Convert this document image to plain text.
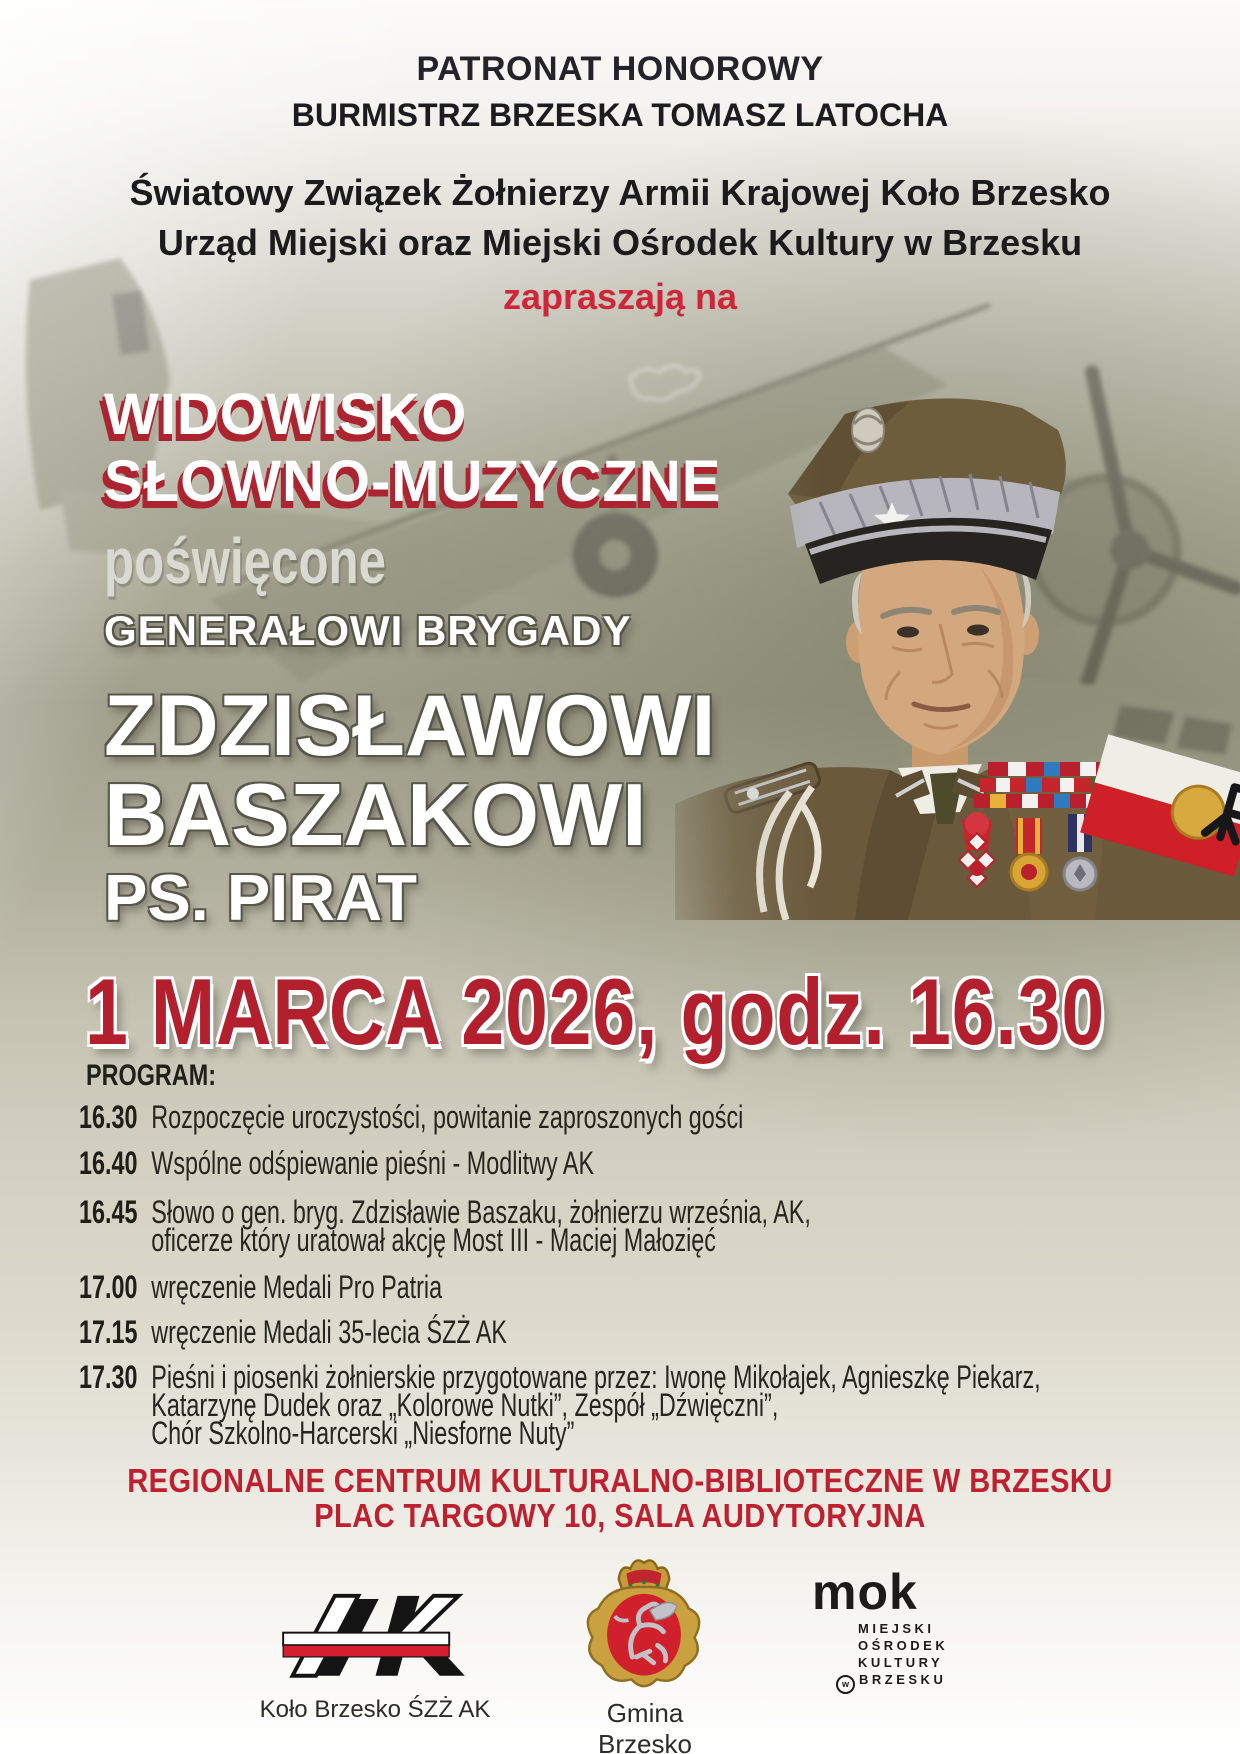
PATRONAT HONOROWY
BURMISTRZ BRZESKA TOMASZ LATOCHA
Światowy Związek Żołnierzy Armii Krajowej Koło Brzesko
Urząd Miejski oraz Miejski Ośrodek Kultury w Brzesku
zapraszają na
WIDOWISKO
SŁOWNO-MUZYCZNE
poświęcone
GENERAŁOWI BRYGADY
ZDZISŁAWOWI
BASZAKOWI
PS. PIRAT
1 MARCA 2026, godz. 16.30
PROGRAM:
16.30 Rozpoczęcie uroczystości, powitanie zaproszonych gości
16.40 Wspólne odśpiewanie pieśni - Modlitwy AK
16.45 Słowo o gen. bryg. Zdzisławie Baszaku, żołnierzu września, AK,
oficerze który uratował akcję Most III - Maciej Małozięć
17.00 wręczenie Medali Pro Patria
17.15 wręczenie Medali 35-lecia ŚZŻ AK
17.30 Pieśni i piosenki żołnierskie przygotowane przez: Iwonę Mikołajek, Agnieszkę Piekarz,
Katarzynę Dudek oraz „Kolorowe Nutki”, Zespół „Dźwięczni”,
Chór Szkolno-Harcerski „Niesforne Nuty”
REGIONALNE CENTRUM KULTURALNO-BIBLIOTECZNE W BRZESKU
PLAC TARGOWY 10, SALA AUDYTORYJNA
Koło Brzesko ŚZŻ AK	Gmina Brzesko
mok
MIEJSKI
OŚRODEK
KULTURY
w BRZESKU
